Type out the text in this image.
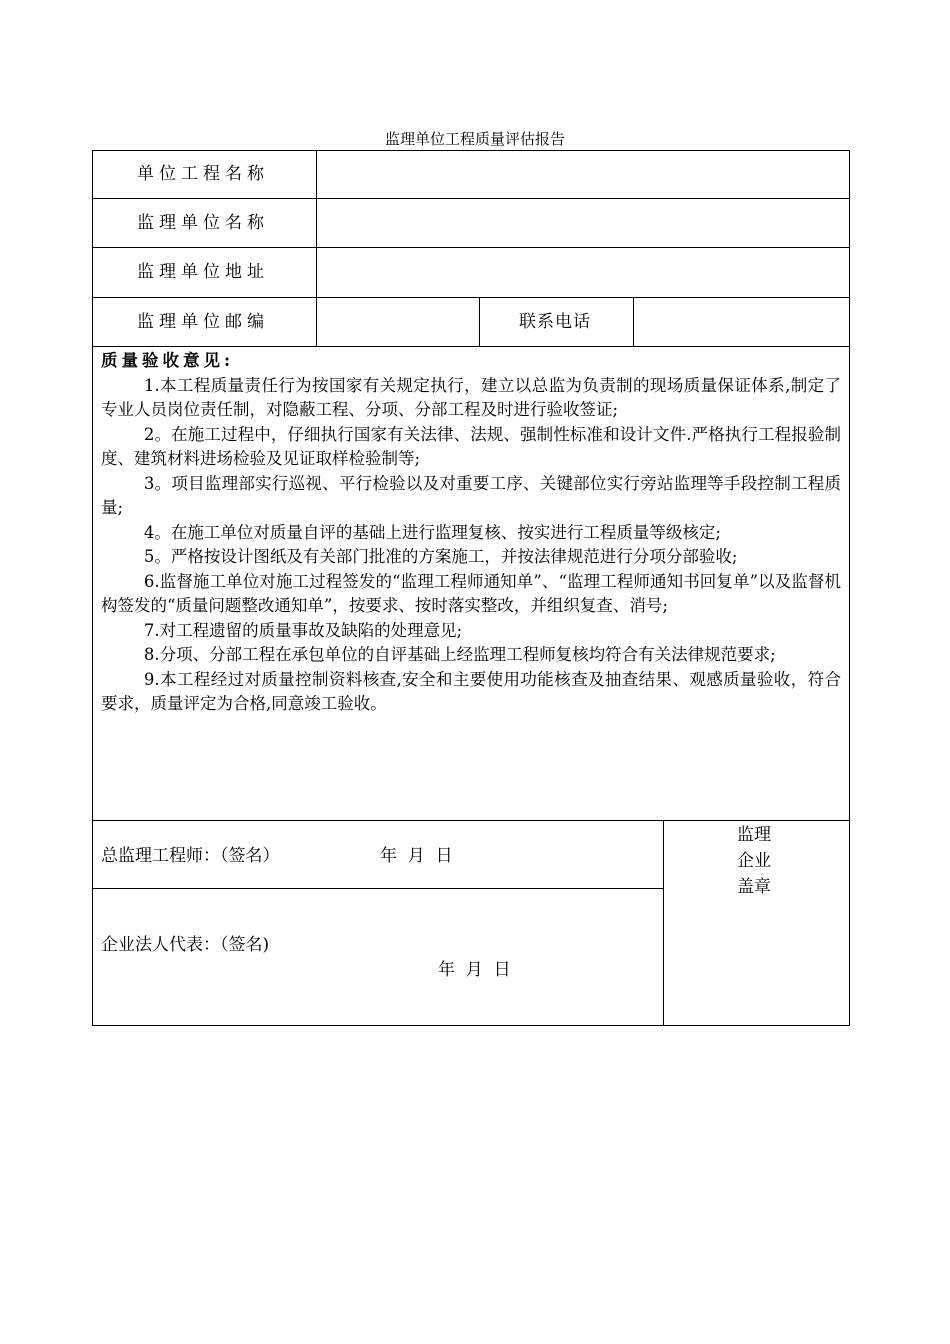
监理单位工程质量评估报告
单位工程名称
监理单位名称
监理单位地址
监理单位邮编	联系电话
质量验收意见:

1.本工程质量责任行为按国家有关规定执行，建立以总监为负责制的现场质量保证体系,制定了专业人员岗位责任制，对隐蔽工程、分项、分部工程及时进行验收签证;

2。在施工过程中，仔细执行国家有关法律、法规、强制性标准和设计文件.严格执行工程报验制度、建筑材料进场检验及见证取样检验制等;

3。项目监理部实行巡视、平行检验以及对重要工序、关键部位实行旁站监理等手段控制工程质量;

4。在施工单位对质量自评的基础上进行监理复核、按实进行工程质量等级核定;

5。严格按设计图纸及有关部门批准的方案施工，并按法律规范进行分项分部验收;

6.监督施工单位对施工过程签发的“监理工程师通知单”、“监理工程师通知书回复单”以及监督机构签发的“质量问题整改通知单”，按要求、按时落实整改，并组织复查、消号;

7.对工程遗留的质量事故及缺陷的处理意见;

8.分项、分部工程在承包单位的自评基础上经监理工程师复核均符合有关法律规范要求;

9.本工程经过对质量控制资料核查,安全和主要使用功能核查及抽查结果、观感质量验收，符合要求，质量评定为合格,同意竣工验收。

总监理工程师：（签名）	年  月  日
企业法人代表：（签名)
年  月  日
监理
企业
盖章
